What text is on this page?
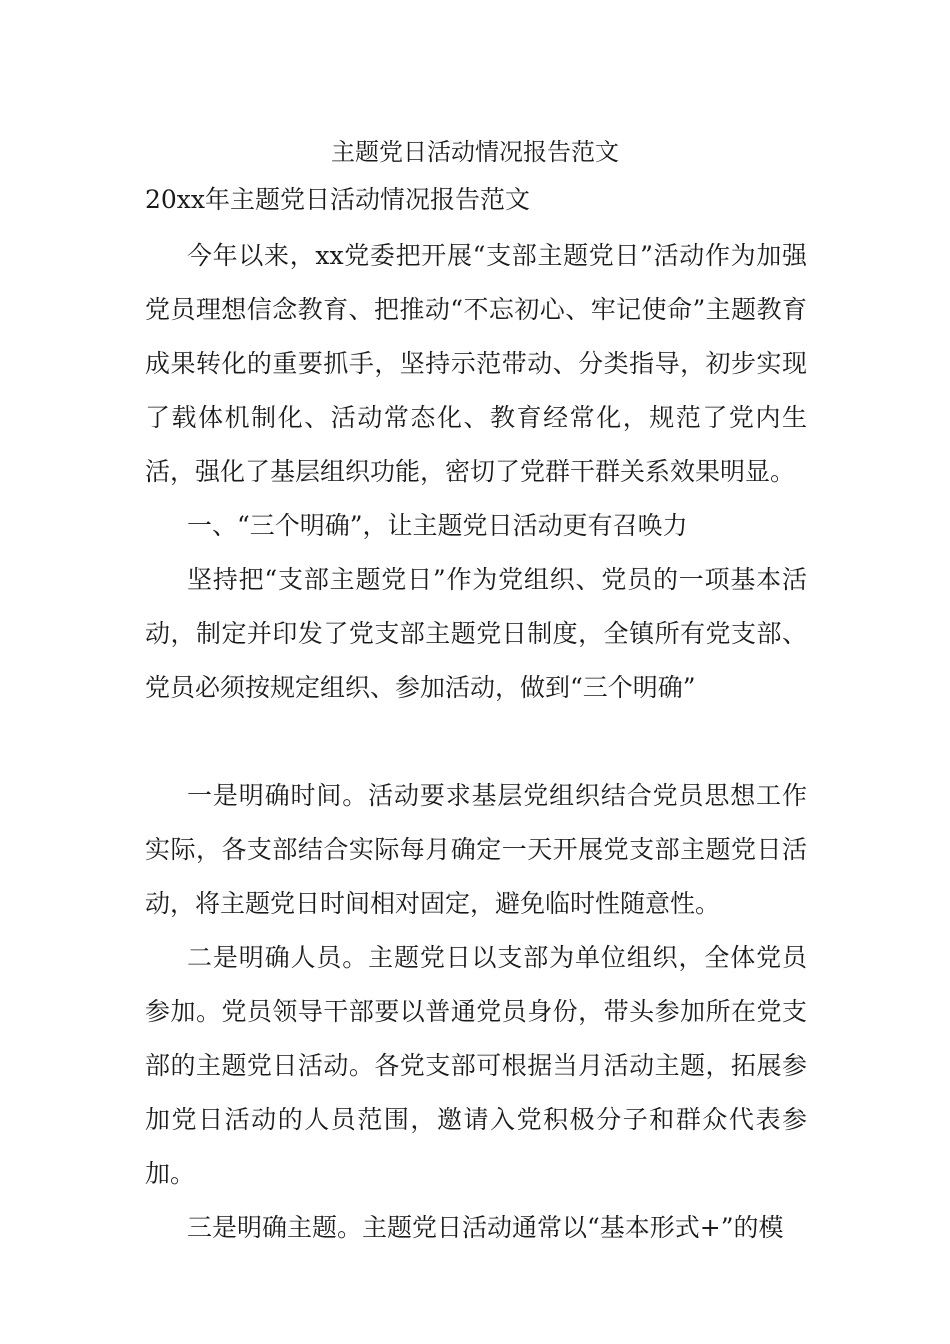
主题党日活动情况报告范文
20xx年主题党日活动情况报告范文

今年以来，xx党委把开展“支部主题党日”活动作为加强党员理想信念教育、把推动“不忘初心、牢记使命”主题教育成果转化的重要抓手，坚持示范带动、分类指导，初步实现了载体机制化、活动常态化、教育经常化，规范了党内生活，强化了基层组织功能，密切了党群干群关系效果明显。

一、“三个明确”，让主题党日活动更有召唤力

坚持把“支部主题党日”作为党组织、党员的一项基本活动，制定并印发了党支部主题党日制度，全镇所有党支部、党员必须按规定组织、参加活动，做到“三个明确”

一是明确时间。活动要求基层党组织结合党员思想工作实际，各支部结合实际每月确定一天开展党支部主题党日活动，将主题党日时间相对固定，避免临时性随意性。

二是明确人员。主题党日以支部为单位组织，全体党员参加。党员领导干部要以普通党员身份，带头参加所在党支部的主题党日活动。各党支部可根据当月活动主题，拓展参加党日活动的人员范围，邀请入党积极分子和群众代表参加。

三是明确主题。主题党日活动通常以“基本形式+”的模
